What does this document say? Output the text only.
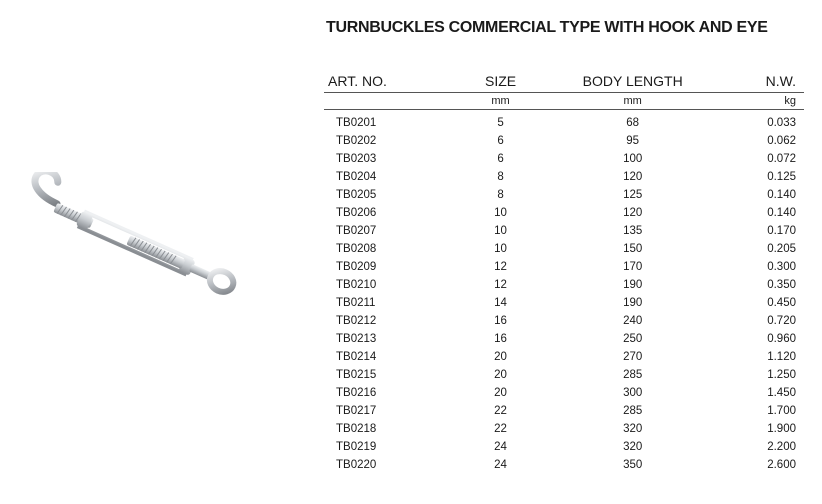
TURNBUCKLES COMMERCIAL TYPE WITH HOOK AND EYE
ART. NO.	SIZE	BODY LENGTH	N.W.
	mm	mm	kg
TB0201	5	68	0.033
TB0202	6	95	0.062
TB0203	6	100	0.072
TB0204	8	120	0.125
TB0205	8	125	0.140
TB0206	10	120	0.140
TB0207	10	135	0.170
TB0208	10	150	0.205
TB0209	12	170	0.300
TB0210	12	190	0.350
TB0211	14	190	0.450
TB0212	16	240	0.720
TB0213	16	250	0.960
TB0214	20	270	1.120
TB0215	20	285	1.250
TB0216	20	300	1.450
TB0217	22	285	1.700
TB0218	22	320	1.900
TB0219	24	320	2.200
TB0220	24	350	2.600
